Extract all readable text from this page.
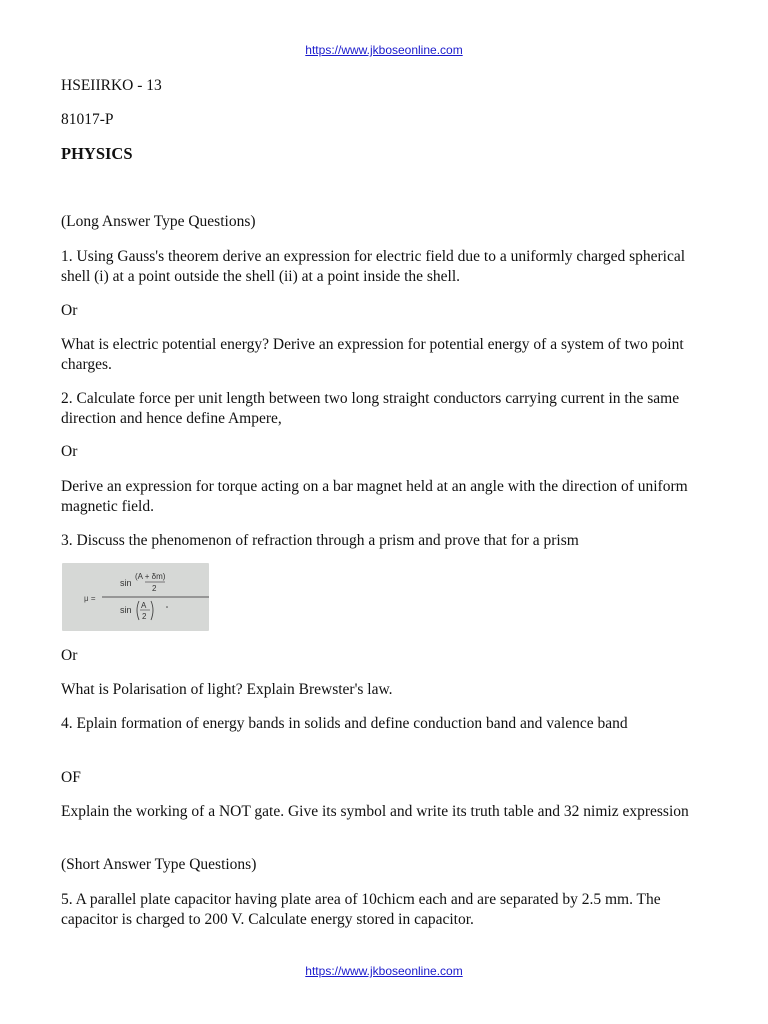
https://www.jkboseonline.com
HSEIIRKO - 13
81017-P
PHYSICS
(Long Answer Type Questions)
1. Using Gauss's theorem derive an expression for electric field due to a uniformly charged spherical shell (i) at a point outside the shell (ii) at a point inside the shell.
Or
What is electric potential energy? Derive an expression for potential energy of a system of two point charges.
2. Calculate force per unit length between two long straight conductors carrying current in the same direction and hence define Ampere,
Or
Derive an expression for torque acting on a bar magnet held at an angle with the direction of uniform magnetic field.
3. Discuss the phenomenon of refraction through a prism and prove that for a prism
μ =
sin
(A + δm)
2
sin A
2
Or
What is Polarisation of light? Explain Brewster's law.
4. Eplain formation of energy bands in solids and define conduction band and valence band
OF
Explain the working of a NOT gate. Give its symbol and write its truth table and 32 nimiz expression
(Short Answer Type Questions)
5. A parallel plate capacitor having plate area of 10chicm each and are separated by 2.5 mm. The capacitor is charged to 200 V. Calculate energy stored in capacitor.
https://www.jkboseonline.com
